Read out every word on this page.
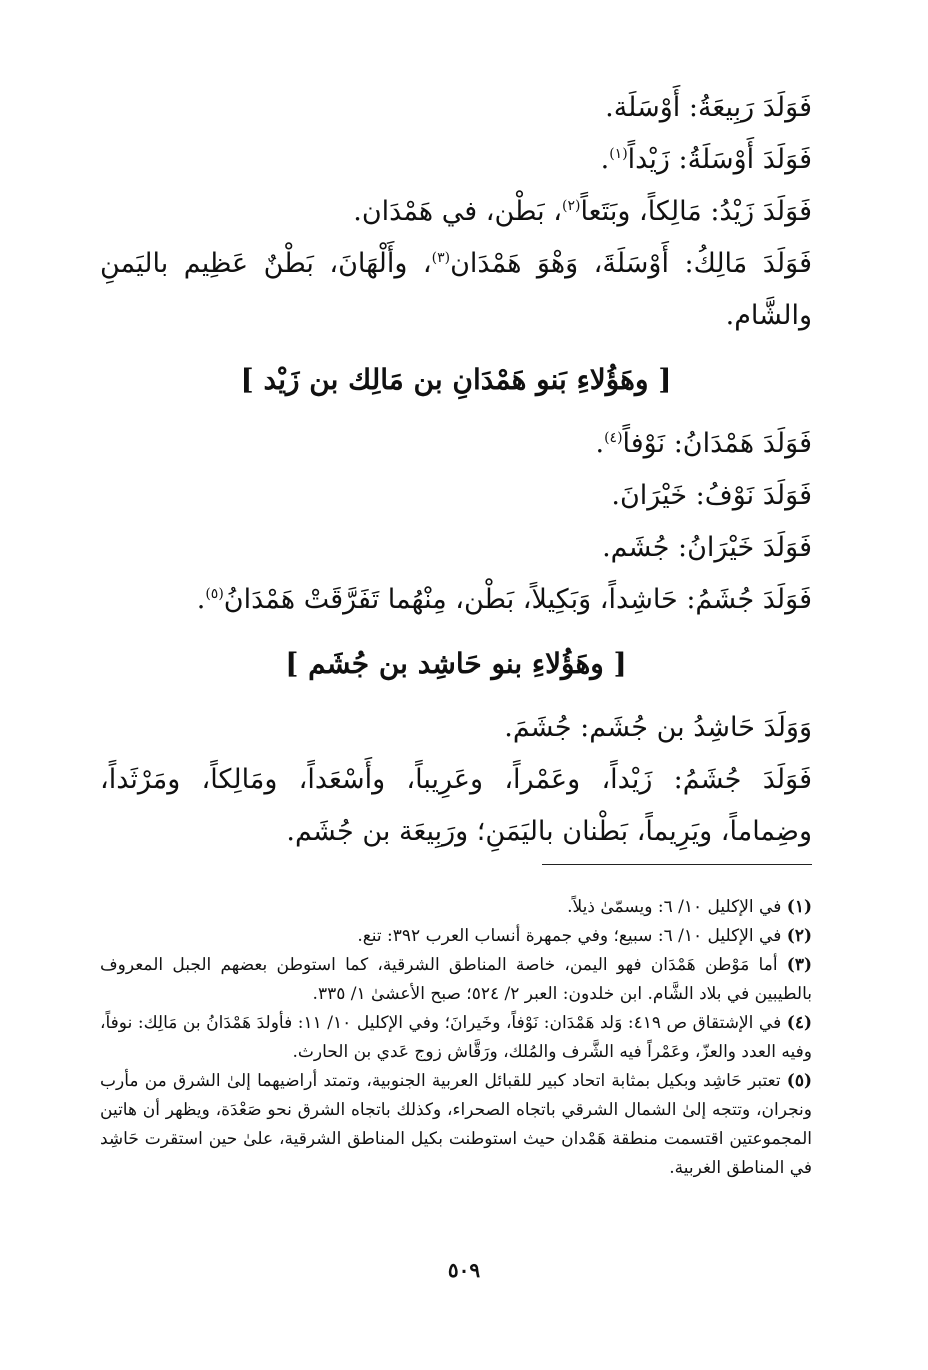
فَوَلَدَ رَبِيعَةُ: أَوْسَلَة.
فَوَلَدَ أَوْسَلَةُ: زَيْداً$^{(١)}$.
فَوَلَدَ زَيْدُ: مَالِكاً، وبَتَعاً$^{(٢)}$، بَطْن، في هَمْدَان.
فَوَلَدَ مَالِكُ: أَوْسَلَةَ، وَهْوَ هَمْدَان$^{(٣)}$، وأَلْهَانَ، بَطْنٌ عَظِيم باليَمنِ
والشَّام.
[ وهَؤُلاءِ بَنو هَمْدَانِ بن مَالِك بن زَيْد ]
فَوَلَدَ هَمْدَانُ: نَوْفاً$^{(٤)}$.
فَوَلَدَ نَوْفُ: خَيْرَانَ.
فَوَلَدَ خَيْرَانُ: جُشَم.
فَوَلَدَ جُشَمُ: حَاشِداً، وَبَكِيلاً، بَطْن، مِنْهُما تَفَرَّقَتْ هَمْدَانُ$^{(٥)}$.
[ وهَؤُلاءِ بنو حَاشِد بن جُشَم ]
وَوَلَدَ حَاشِدُ بن جُشَم: جُشَمَ.
فَوَلَدَ جُشَمُ: زَيْداً، وعَمْراً، وعَرِيباً، وأَسْعَداً، ومَالِكاً، ومَرْثَداً،
وضِماماً، ويَرِيماً، بَطْنان باليَمَنِ؛ ورَبِيعَة بن جُشَم.
(١) في الإكليل ١٠/ ٦: ويسمّىٰ ذيلاً.
(٢) في الإكليل ١٠/ ٦: سبيع؛ وفي جمهرة أنساب العرب ٣٩٢: تنع.
(٣) أما مَوْطن هَمْدَان فهو اليمن، خاصة المناطق الشرقية، كما استوطن بعضهم الجبل المعروف بالطيبين في بلاد الشَّام. ابن خلدون: العبر ٢/ ٥٢٤؛ صبح الأعشىٰ ١/ ٣٣٥.
(٤) في الإشتقاق ص ٤١٩: وَلد هَمْدَان: نَوْفاً، وخَيرانَ؛ وفي الإكليل ١٠/ ١١: فأولدَ هَمْدَانُ بن مَالِك: نوفاً، وفيه العدد والعزّ، وعَمْراً فيه الشَّرف والمُلك، ورَقَّاش زوج عَدي بن الحارث.
(٥) تعتبر حَاشِد وبكيل بمثابة اتحاد كبير للقبائل العربية الجنوبية، وتمتد أراضيهما إلىٰ الشرق من مأرب ونجران، وتتجه إلىٰ الشمال الشرقي باتجاه الصحراء، وكذلك باتجاه الشرق نحو صَعْدَة، ويظهر أن هاتين المجموعتين اقتسمت منطقة هَمْدان حيث استوطنت بكيل المناطق الشرقية، علىٰ حين استقرت حَاشِد في المناطق الغربية.
٥٠٩
